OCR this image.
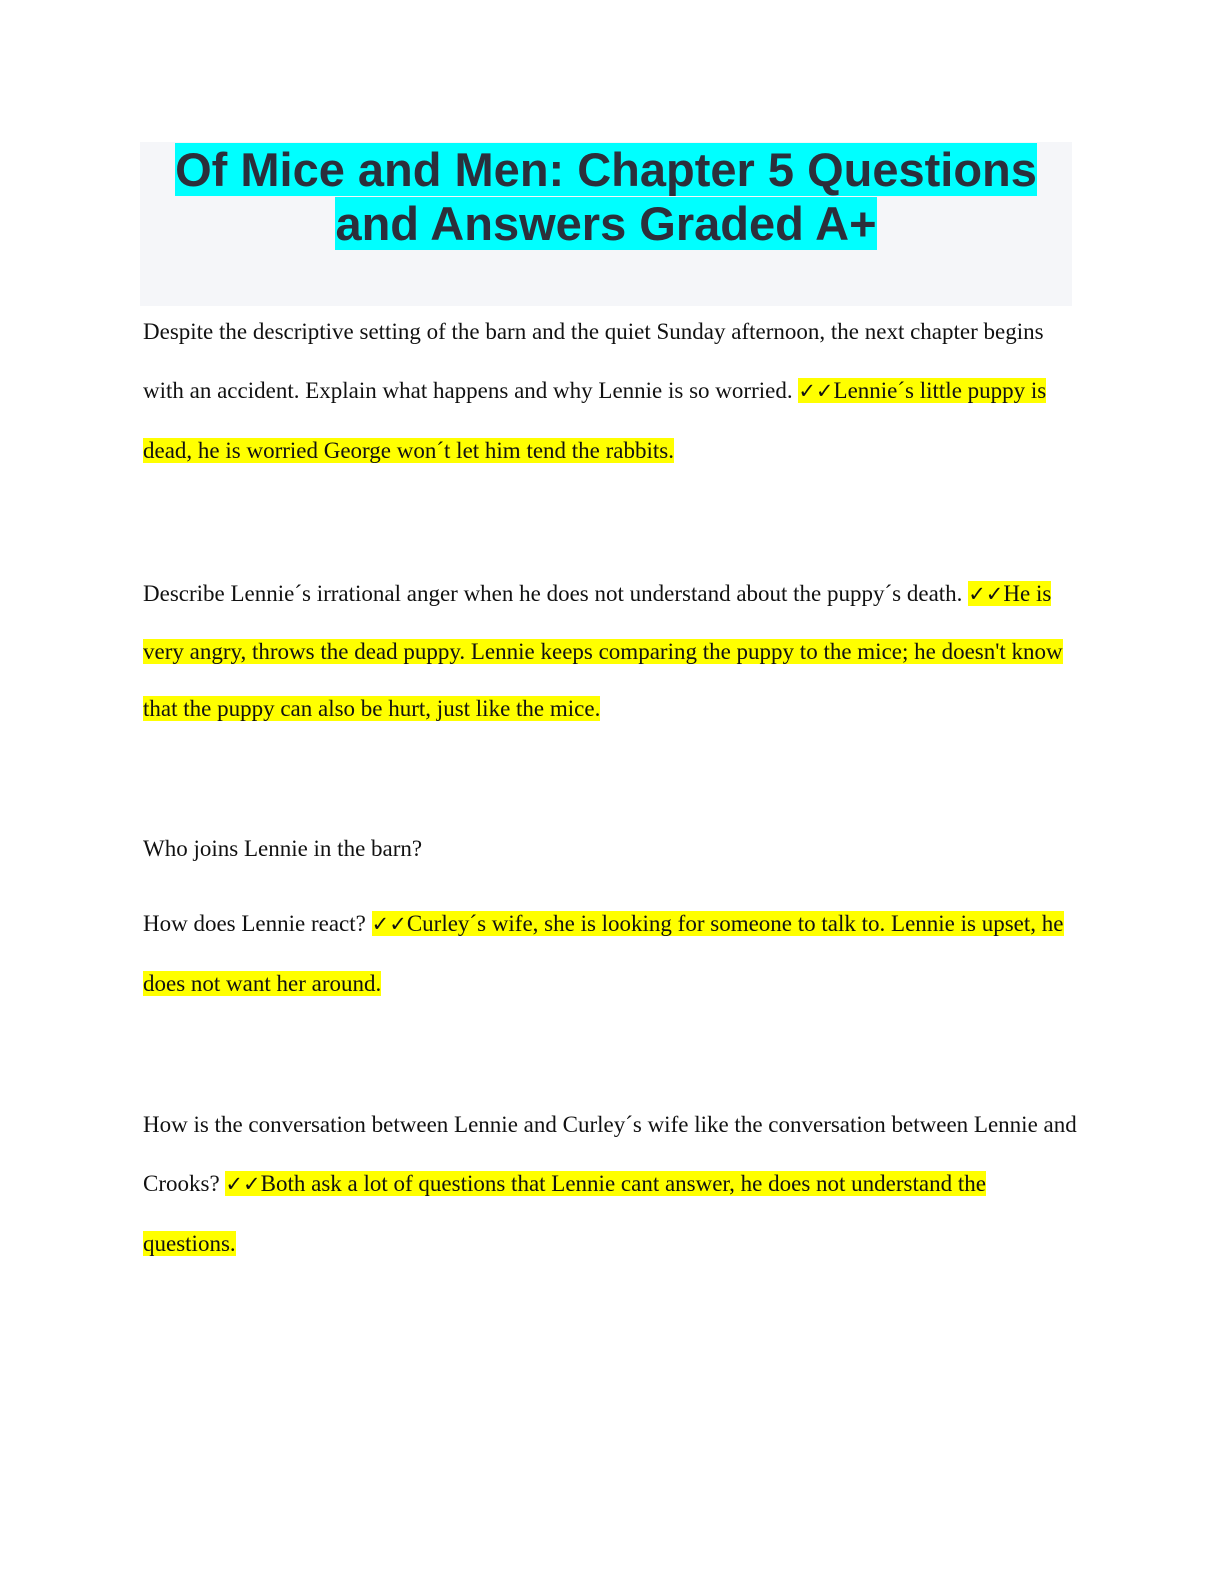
Of Mice and Men: Chapter 5 Questions and Answers Graded A+

Despite the descriptive setting of the barn and the quiet Sunday afternoon, the next chapter begins with an accident. Explain what happens and why Lennie is so worried. ✓✓Lennie´s little puppy is dead, he is worried George won´t let him tend the rabbits.

Describe Lennie´s irrational anger when he does not understand about the puppy´s death. ✓✓He is very angry, throws the dead puppy. Lennie keeps comparing the puppy to the mice; he doesn't know that the puppy can also be hurt, just like the mice.

Who joins Lennie in the barn?
How does Lennie react? ✓✓Curley´s wife, she is looking for someone to talk to. Lennie is upset, he does not want her around.

How is the conversation between Lennie and Curley´s wife like the conversation between Lennie and Crooks? ✓✓Both ask a lot of questions that Lennie cant answer, he does not understand the questions.
